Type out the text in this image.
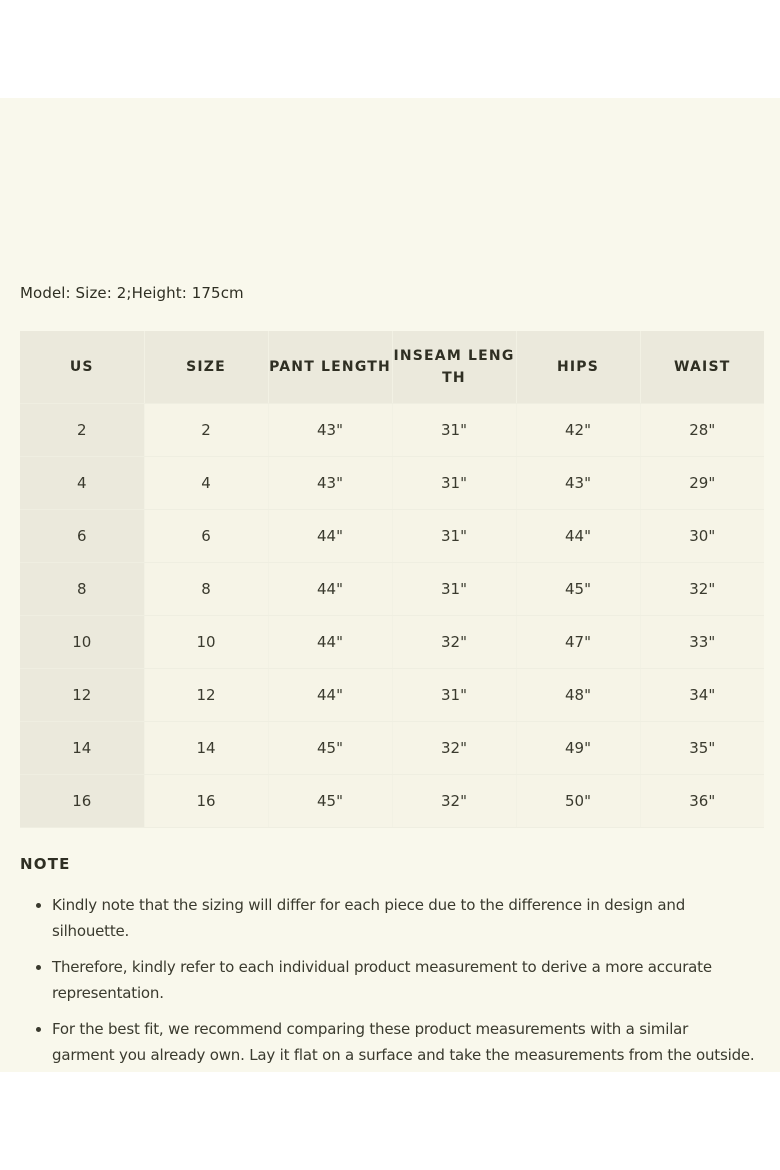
Model: Size: 2;Height: 175cm
US	SIZE	PANT LENGTH	INSEAM LENG TH	HIPS	WAIST
2	2	43"	31"	42"	28"
4	4	43"	31"	43"	29"
6	6	44"	31"	44"	30"
8	8	44"	31"	45"	32"
10	10	44"	32"	47"	33"
12	12	44"	31"	48"	34"
14	14	45"	32"	49"	35"
16	16	45"	32"	50"	36"
NOTE
• Kindly note that the sizing will differ for each piece due to the difference in design and silhouette.
• Therefore, kindly refer to each individual product measurement to derive a more accurate representation.
• For the best fit, we recommend comparing these product measurements with a similar garment you already own. Lay it flat on a surface and take the measurements from the outside.
